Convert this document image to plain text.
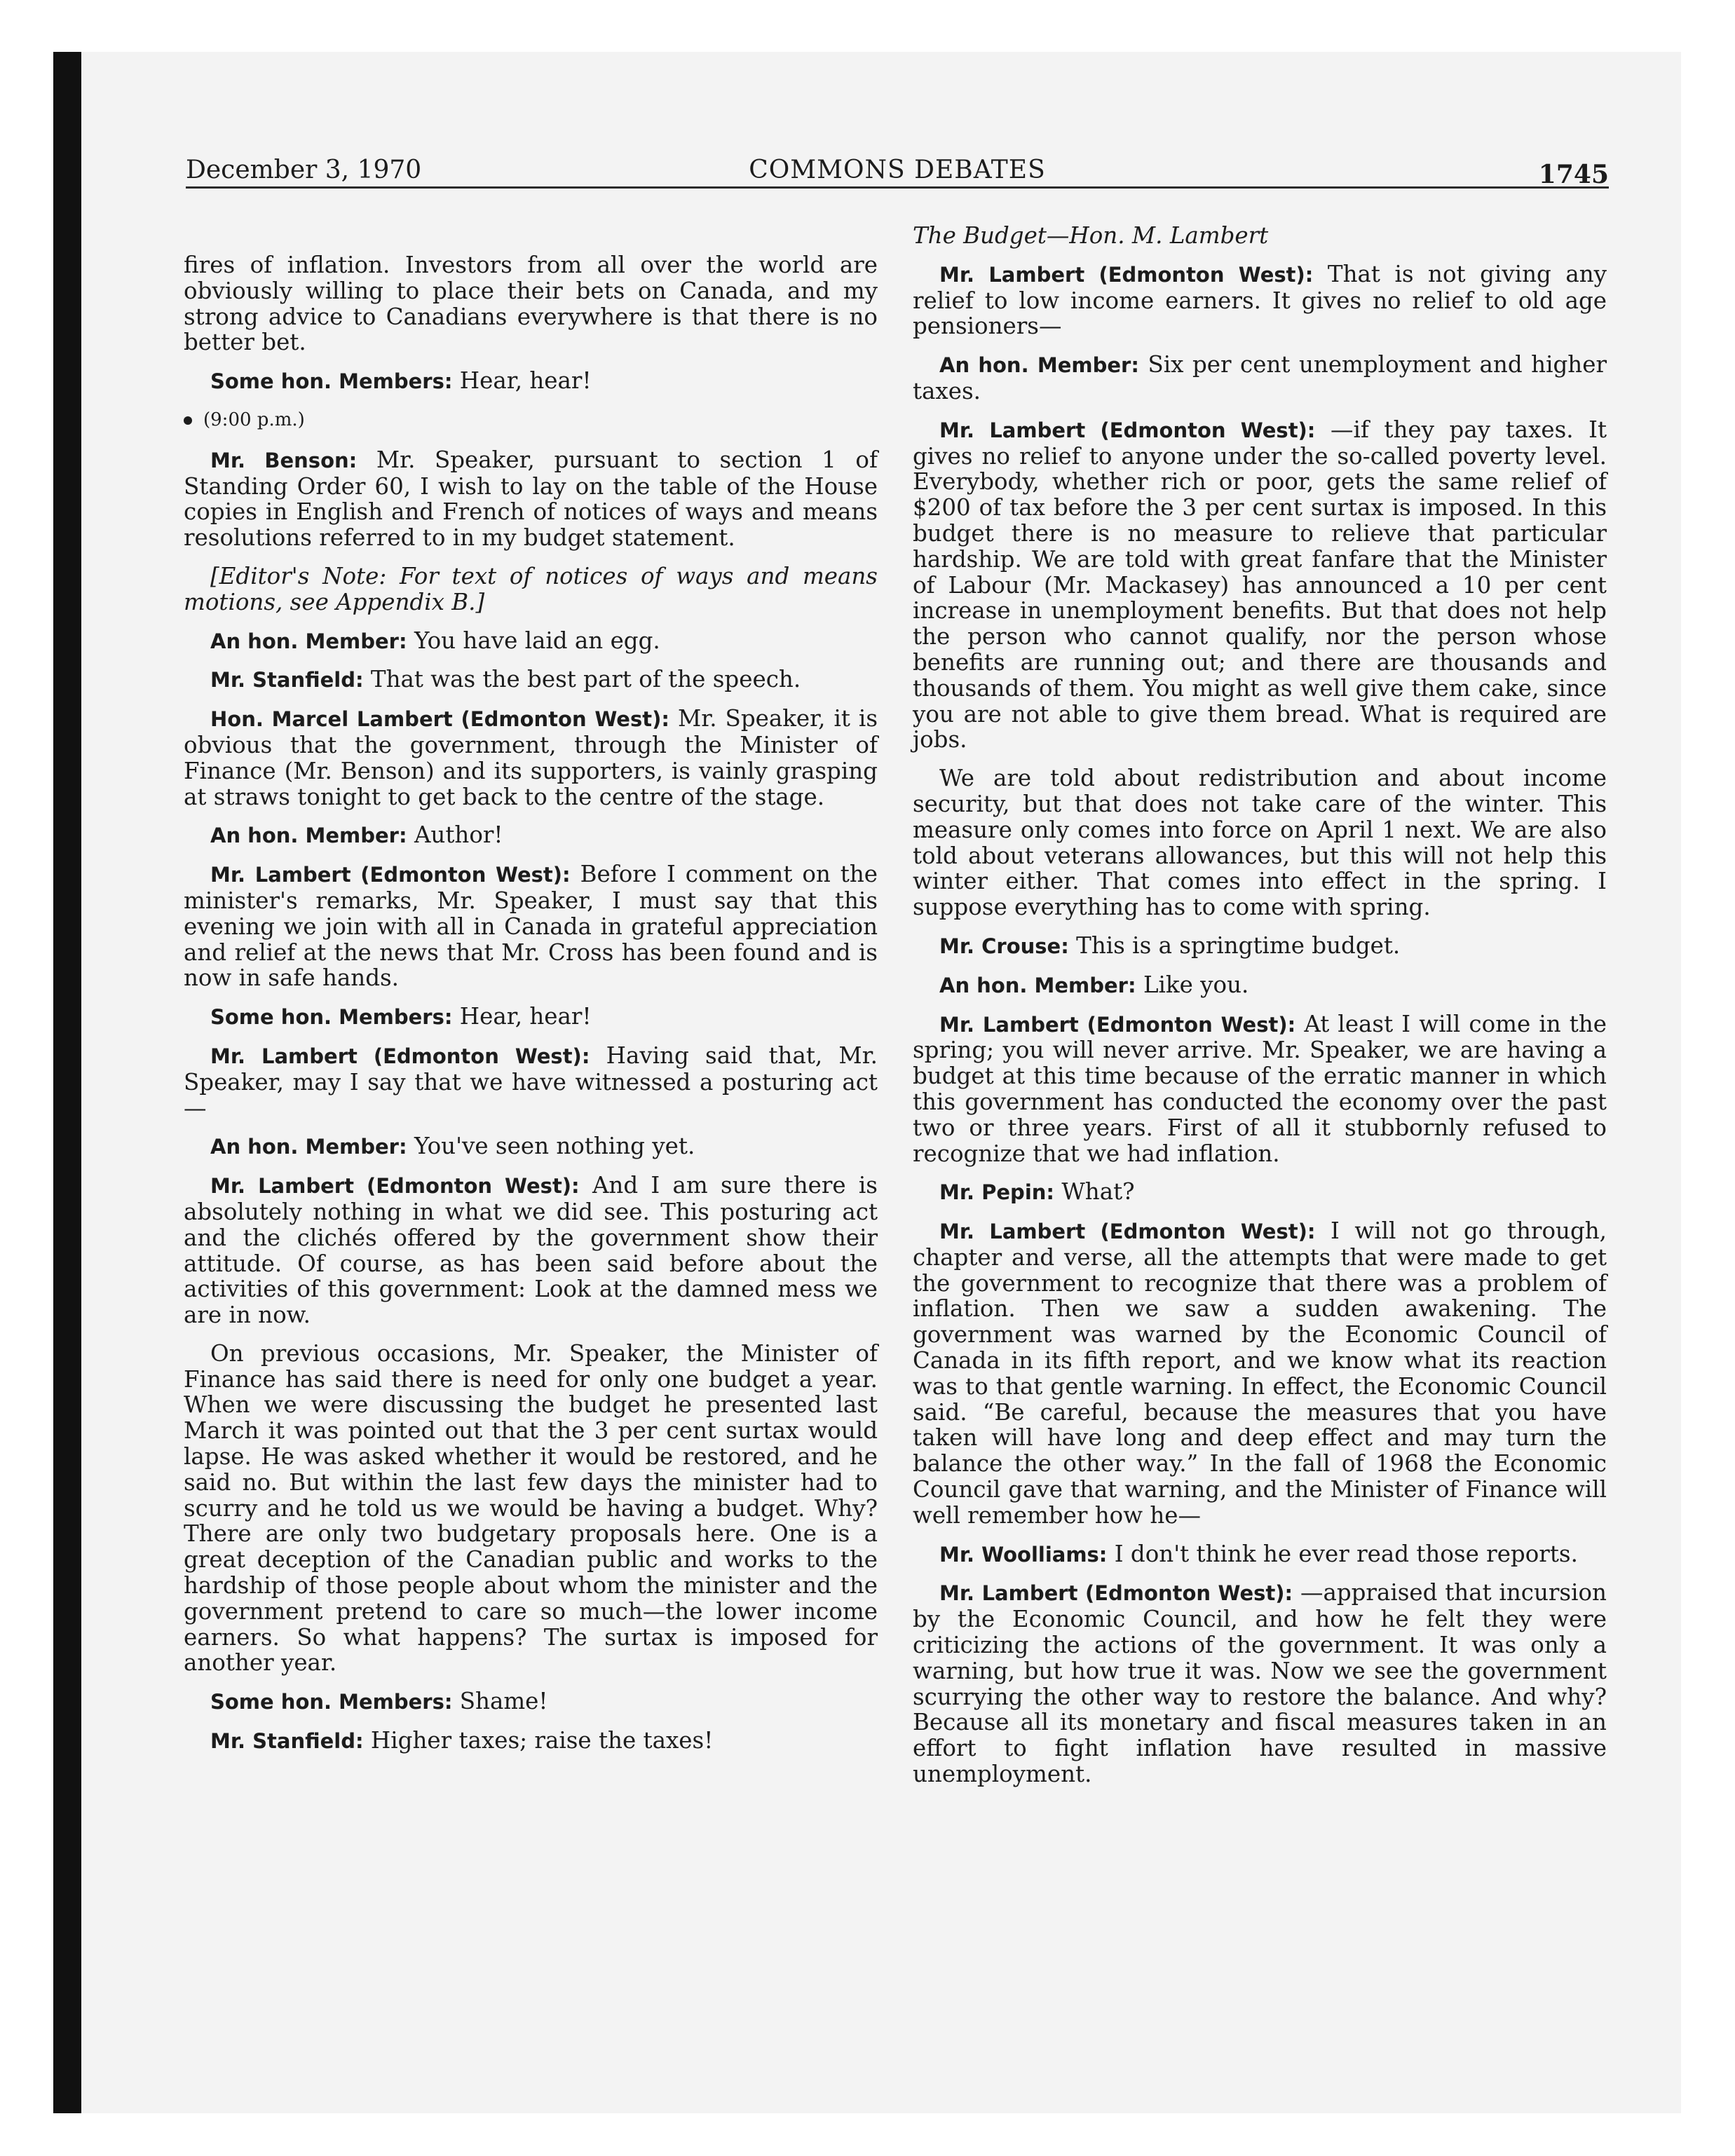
December 3, 1970	COMMONS DEBATES	1745

fires of inflation. Investors from all over the world are obviously willing to place their bets on Canada, and my strong advice to Canadians everywhere is that there is no better bet.

Some hon. Members: Hear, hear!

(9:00 p.m.)

Mr. Benson: Mr. Speaker, pursuant to section 1 of Standing Order 60, I wish to lay on the table of the House copies in English and French of notices of ways and means resolutions referred to in my budget statement.

[Editor's Note: For text of notices of ways and means motions, see Appendix B.]

An hon. Member: You have laid an egg.

Mr. Stanfield: That was the best part of the speech.

Hon. Marcel Lambert (Edmonton West): Mr. Speaker, it is obvious that the government, through the Minister of Finance (Mr. Benson) and its supporters, is vainly grasping at straws tonight to get back to the centre of the stage.

An hon. Member: Author!

Mr. Lambert (Edmonton West): Before I comment on the minister's remarks, Mr. Speaker, I must say that this evening we join with all in Canada in grateful appreciation and relief at the news that Mr. Cross has been found and is now in safe hands.

Some hon. Members: Hear, hear!

Mr. Lambert (Edmonton West): Having said that, Mr. Speaker, may I say that we have witnessed a posturing act—

An hon. Member: You've seen nothing yet.

Mr. Lambert (Edmonton West): And I am sure there is absolutely nothing in what we did see. This posturing act and the clichés offered by the government show their attitude. Of course, as has been said before about the activities of this government: Look at the damned mess we are in now.

On previous occasions, Mr. Speaker, the Minister of Finance has said there is need for only one budget a year. When we were discussing the budget he presented last March it was pointed out that the 3 per cent surtax would lapse. He was asked whether it would be restored, and he said no. But within the last few days the minister had to scurry and he told us we would be having a budget. Why? There are only two budgetary proposals here. One is a great deception of the Canadian public and works to the hardship of those people about whom the minister and the government pretend to care so much—the lower income earners. So what happens? The surtax is imposed for another year.

Some hon. Members: Shame!

Mr. Stanfield: Higher taxes; raise the taxes!

The Budget—Hon. M. Lambert

Mr. Lambert (Edmonton West): That is not giving any relief to low income earners. It gives no relief to old age pensioners—

An hon. Member: Six per cent unemployment and higher taxes.

Mr. Lambert (Edmonton West): —if they pay taxes. It gives no relief to anyone under the so-called poverty level. Everybody, whether rich or poor, gets the same relief of $200 of tax before the 3 per cent surtax is imposed. In this budget there is no measure to relieve that particular hardship. We are told with great fanfare that the Minister of Labour (Mr. Mackasey) has announced a 10 per cent increase in unemployment benefits. But that does not help the person who cannot qualify, nor the person whose benefits are running out; and there are thousands and thousands of them. You might as well give them cake, since you are not able to give them bread. What is required are jobs.

We are told about redistribution and about income security, but that does not take care of the winter. This measure only comes into force on April 1 next. We are also told about veterans allowances, but this will not help this winter either. That comes into effect in the spring. I suppose everything has to come with spring.

Mr. Crouse: This is a springtime budget.

An hon. Member: Like you.

Mr. Lambert (Edmonton West): At least I will come in the spring; you will never arrive. Mr. Speaker, we are having a budget at this time because of the erratic manner in which this government has conducted the economy over the past two or three years. First of all it stubbornly refused to recognize that we had inflation.

Mr. Pepin: What?

Mr. Lambert (Edmonton West): I will not go through, chapter and verse, all the attempts that were made to get the government to recognize that there was a problem of inflation. Then we saw a sudden awakening. The government was warned by the Economic Council of Canada in its fifth report, and we know what its reaction was to that gentle warning. In effect, the Economic Council said. “Be careful, because the measures that you have taken will have long and deep effect and may turn the balance the other way.” In the fall of 1968 the Economic Council gave that warning, and the Minister of Finance will well remember how he—

Mr. Woolliams: I don't think he ever read those reports.

Mr. Lambert (Edmonton West): —appraised that incursion by the Economic Council, and how he felt they were criticizing the actions of the government. It was only a warning, but how true it was. Now we see the government scurrying the other way to restore the balance. And why? Because all its monetary and fiscal measures taken in an effort to fight inflation have resulted in massive unemployment.
